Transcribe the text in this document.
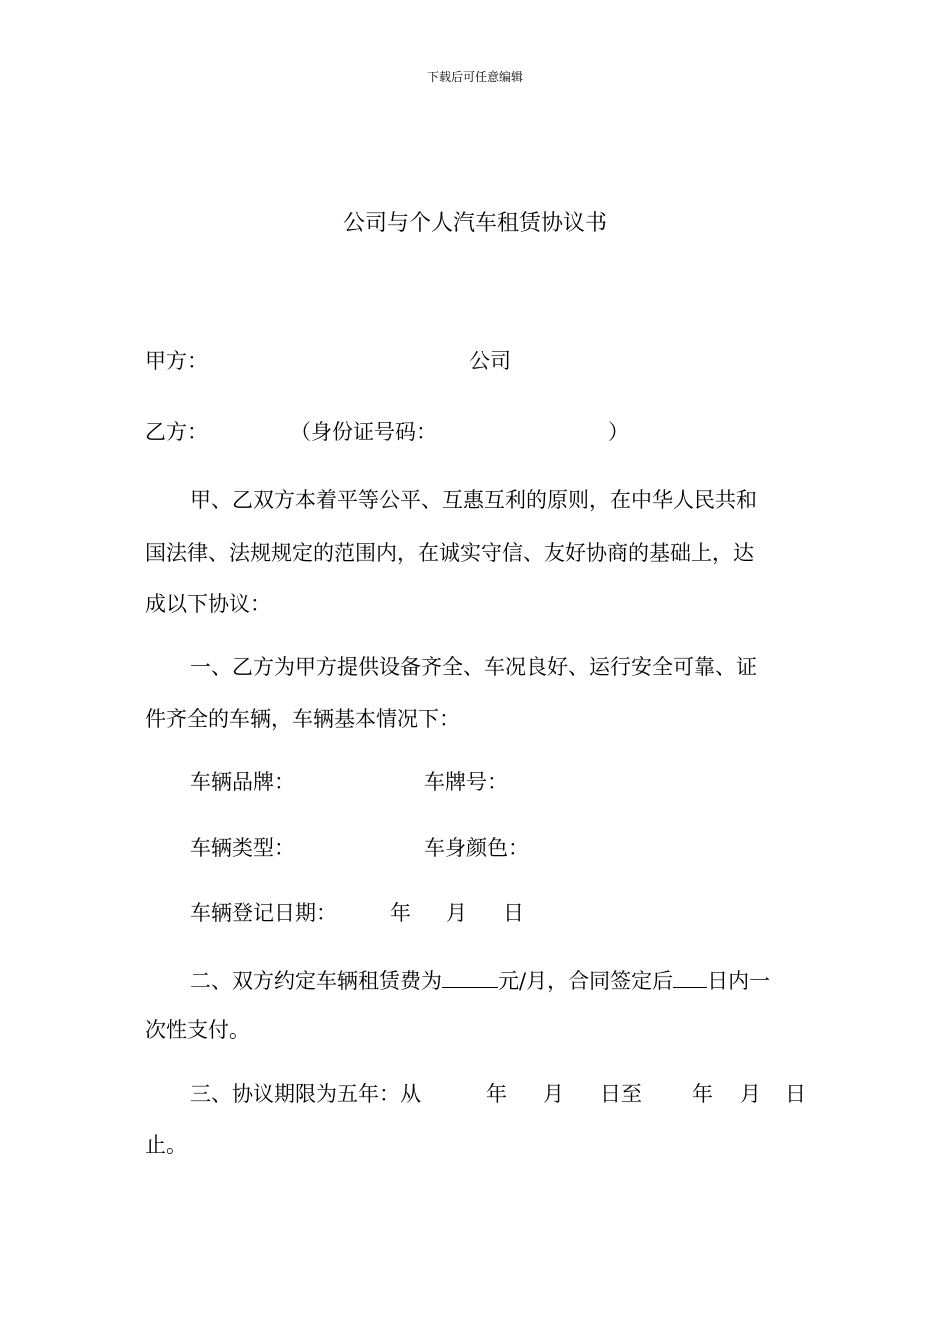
下载后可任意编辑
公司与个人汽车租赁协议书
甲方：	公司
乙方：	（身份证号码：	）
甲、乙双方本着平等公平、互惠互利的原则，在中华人民共和
国法律、法规规定的范围内，在诚实守信、友好协商的基础上，达
成以下协议：
一、乙方为甲方提供设备齐全、车况良好、运行安全可靠、证
件齐全的车辆，车辆基本情况下：
车辆品牌：	车牌号：
车辆类型：	车身颜色：
车辆登记日期：	年 月 日
二、双方约定车辆租赁费为	元/月，合同签定后 日内一
次性支付。
三、协议期限为五年：从	年 月 日至 年 月 日
止。
